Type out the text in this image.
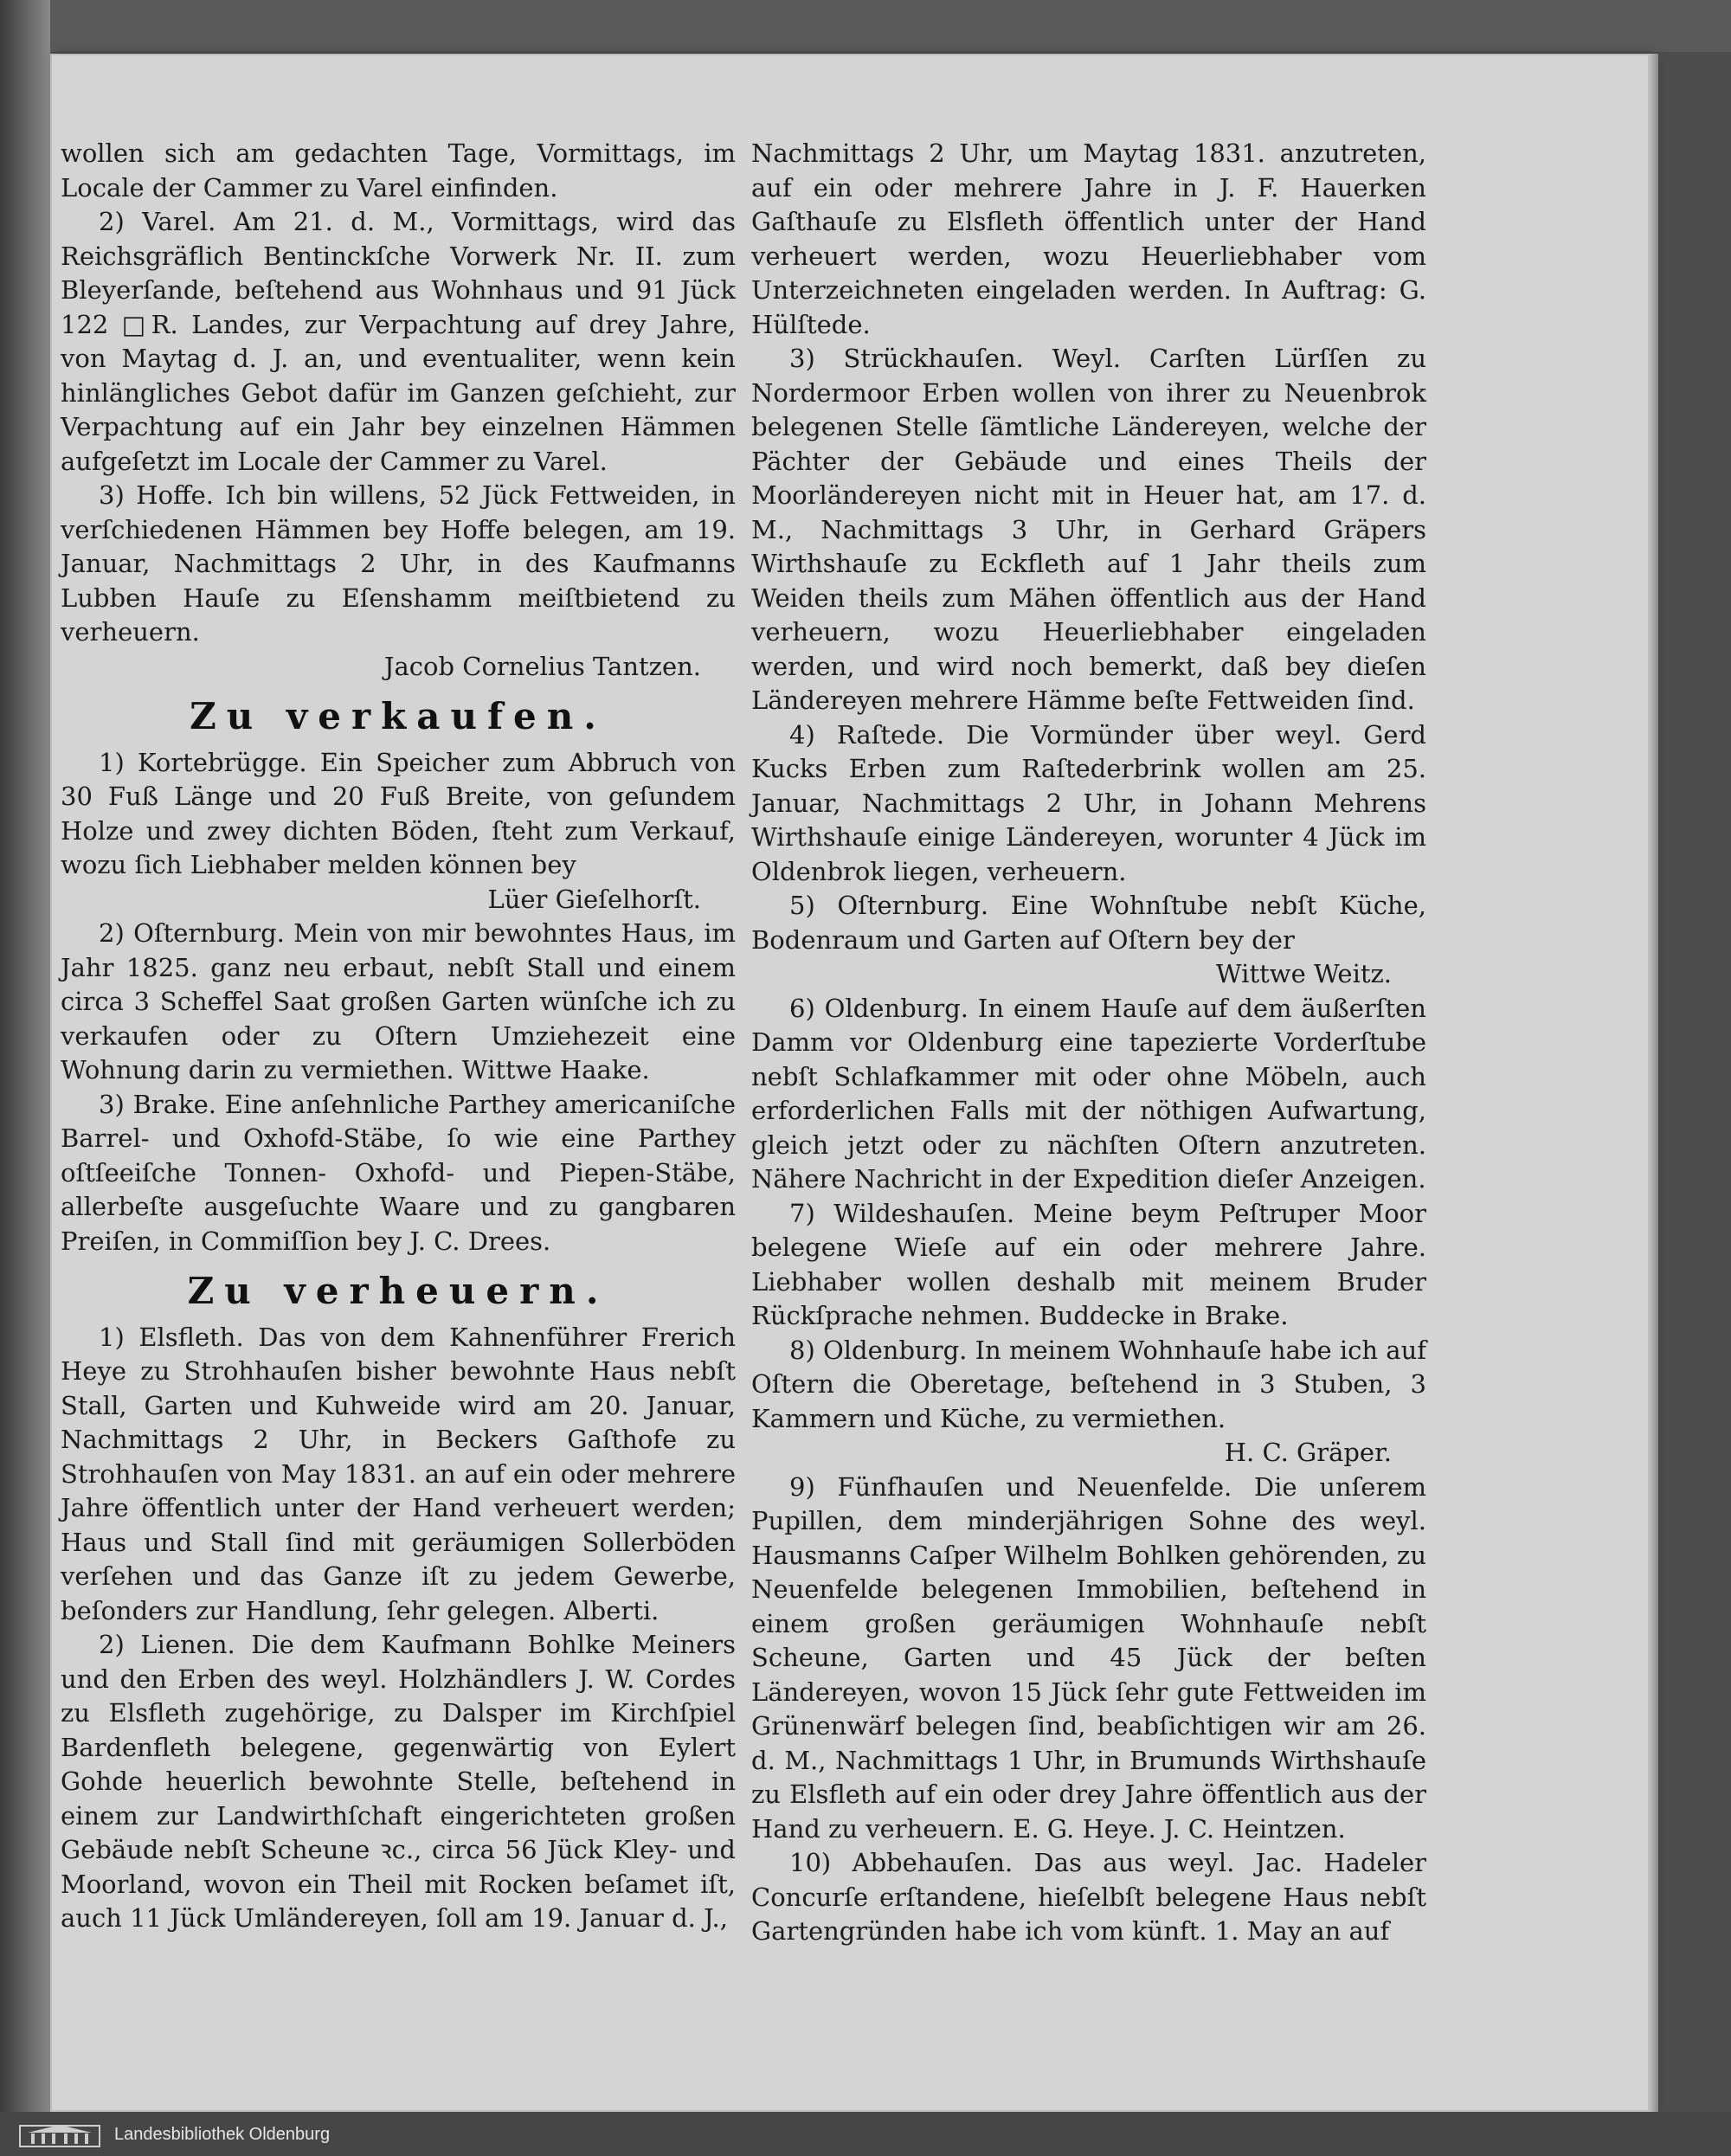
wollen sich am gedachten Tage, Vormittags, im Locale der Cammer zu Varel einfinden.
2) Varel. Am 21. d. M., Vormittags, wird das Reichsgräflich Bentinckſche Vorwerk Nr. II. zum Bleyerſande, beſtehend aus Wohnhaus und 91 Jück 122 □R. Landes, zur Verpachtung auf drey Jahre, von Maytag d. J. an, und eventualiter, wenn kein hinlängliches Gebot dafür im Ganzen geſchieht, zur Verpachtung auf ein Jahr bey einzelnen Hämmen aufgeſetzt im Locale der Cammer zu Varel.
3) Hoffe. Ich bin willens, 52 Jück Fettweiden, in verſchiedenen Hämmen bey Hoffe belegen, am 19. Januar, Nachmittags 2 Uhr, in des Kaufmanns Lubben Hauſe zu Eſenshamm meiſtbietend zu verheuern.
Jacob Cornelius Tantzen.
Zu verkaufen.
1) Kortebrügge. Ein Speicher zum Abbruch von 30 Fuß Länge und 20 Fuß Breite, von geſundem Holze und zwey dichten Böden, ſteht zum Verkauf, wozu ſich Liebhaber melden können bey
Lüer Gieſelhorſt.
2) Oſternburg. Mein von mir bewohntes Haus, im Jahr 1825. ganz neu erbaut, nebſt Stall und einem circa 3 Scheffel Saat großen Garten wünſche ich zu verkaufen oder zu Oſtern Umziehezeit eine Wohnung darin zu vermiethen. Wittwe Haake.
3) Brake. Eine anſehnliche Parthey americaniſche Barrel- und Oxhofd-Stäbe, ſo wie eine Parthey oſtſeeiſche Tonnen- Oxhofd- und Piepen-Stäbe, allerbeſte ausgeſuchte Waare und zu gangbaren Preiſen, in Commiſſion bey J. C. Drees.
Zu verheuern.
1) Elsfleth. Das von dem Kahnenführer Frerich Heye zu Strohhauſen bisher bewohnte Haus nebſt Stall, Garten und Kuhweide wird am 20. Januar, Nachmittags 2 Uhr, in Beckers Gaſthofe zu Strohhauſen von May 1831. an auf ein oder mehrere Jahre öffentlich unter der Hand verheuert werden; Haus und Stall ſind mit geräumigen Sollerböden verſehen und das Ganze iſt zu jedem Gewerbe, beſonders zur Handlung, ſehr gelegen. Alberti.
2) Lienen. Die dem Kaufmann Bohlke Meiners und den Erben des weyl. Holzhändlers J. W. Cordes zu Elsfleth zugehörige, zu Dalsper im Kirchſpiel Bardenfleth belegene, gegenwärtig von Eylert Gohde heuerlich bewohnte Stelle, beſtehend in einem zur Landwirthſchaft eingerichteten großen Gebäude nebſt Scheune ꝛc., circa 56 Jück Kley- und Moorland, wovon ein Theil mit Rocken beſamet iſt, auch 11 Jück Umländereyen, ſoll am 19. Januar d. J.,
Nachmittags 2 Uhr, um Maytag 1831. anzutreten, auf ein oder mehrere Jahre in J. F. Hauerken Gaſthauſe zu Elsfleth öffentlich unter der Hand verheuert werden, wozu Heuerliebhaber vom Unterzeichneten eingeladen werden. In Auftrag: G. Hülſtede.
3) Strückhauſen. Weyl. Carſten Lürſſen zu Nordermoor Erben wollen von ihrer zu Neuenbrok belegenen Stelle ſämtliche Ländereyen, welche der Pächter der Gebäude und eines Theils der Moorländereyen nicht mit in Heuer hat, am 17. d. M., Nachmittags 3 Uhr, in Gerhard Gräpers Wirthshauſe zu Eckfleth auf 1 Jahr theils zum Weiden theils zum Mähen öffentlich aus der Hand verheuern, wozu Heuerliebhaber eingeladen werden, und wird noch bemerkt, daß bey dieſen Ländereyen mehrere Hämme beſte Fettweiden ſind.
4) Raſtede. Die Vormünder über weyl. Gerd Kucks Erben zum Raſtederbrink wollen am 25. Januar, Nachmittags 2 Uhr, in Johann Mehrens Wirthshauſe einige Ländereyen, worunter 4 Jück im Oldenbrok liegen, verheuern.
5) Oſternburg. Eine Wohnſtube nebſt Küche, Bodenraum und Garten auf Oſtern bey der
Wittwe Weitz.
6) Oldenburg. In einem Hauſe auf dem äußerſten Damm vor Oldenburg eine tapezierte Vorderſtube nebſt Schlafkammer mit oder ohne Möbeln, auch erforderlichen Falls mit der nöthigen Aufwartung, gleich jetzt oder zu nächſten Oſtern anzutreten. Nähere Nachricht in der Expedition dieſer Anzeigen.
7) Wildeshauſen. Meine beym Peſtruper Moor belegene Wieſe auf ein oder mehrere Jahre. Liebhaber wollen deshalb mit meinem Bruder Rückſprache nehmen. Buddecke in Brake.
8) Oldenburg. In meinem Wohnhauſe habe ich auf Oſtern die Oberetage, beſtehend in 3 Stuben, 3 Kammern und Küche, zu vermiethen.
H. C. Gräper.
9) Fünfhauſen und Neuenfelde. Die unſerem Pupillen, dem minderjährigen Sohne des weyl. Hausmanns Caſper Wilhelm Bohlken gehörenden, zu Neuenfelde belegenen Immobilien, beſtehend in einem großen geräumigen Wohnhauſe nebſt Scheune, Garten und 45 Jück der beſten Ländereyen, wovon 15 Jück ſehr gute Fettweiden im Grünenwärf belegen ſind, beabſichtigen wir am 26. d. M., Nachmittags 1 Uhr, in Brumunds Wirthshauſe zu Elsfleth auf ein oder drey Jahre öffentlich aus der Hand zu verheuern. E. G. Heye. J. C. Heintzen.
10) Abbehauſen. Das aus weyl. Jac. Hadeler Concurſe erſtandene, hieſelbſt belegene Haus nebſt Gartengründen habe ich vom künft. 1. May an auf
Landesbibliothek Oldenburg
